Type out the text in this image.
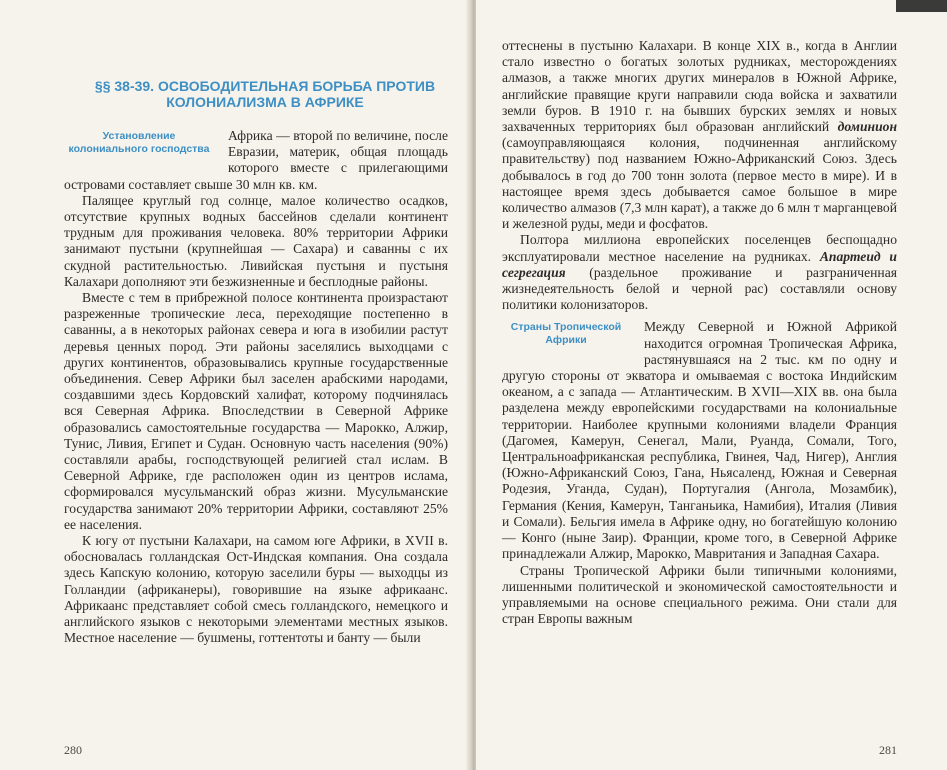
§§ 38-39. ОСВОБОДИТЕЛЬНАЯ БОРЬБА ПРОТИВ
КОЛОНИАЛИЗМА В АФРИКЕ
Установление колониального господства

Африка — второй по величине, после Евразии, материк, общая площадь которого вместе с прилегающими островами составляет свыше 30 млн кв. км.

Палящее круглый год солнце, малое количество осадков, отсутствие крупных водных бассейнов сделали континент трудным для проживания человека. 80% территории Африки занимают пустыни (крупнейшая — Сахара) и саванны с их скудной растительностью. Ливийская пустыня и пустыня Калахари дополняют эти безжизненные и бесплодные районы.

Вместе с тем в прибрежной полосе континента произрастают разреженные тропические леса, переходящие постепенно в саванны, а в некоторых районах севера и юга в изобилии растут деревья ценных пород. Эти районы заселялись выходцами с других континентов, образовывались крупные государственные объединения. Север Африки был заселен арабскими народами, создавшими здесь Кордовский халифат, которому подчинялась вся Северная Африка. Впоследствии в Северной Африке образовались самостоятельные государства — Марокко, Алжир, Тунис, Ливия, Египет и Судан. Основную часть населения (90%) составляли арабы, господствующей религией стал ислам. В Северной Африке, где расположен один из центров ислама, сформировался мусульманский образ жизни. Мусульманские государства занимают 20% территории Африки, составляют 25% ее населения.

К югу от пустыни Калахари, на самом юге Африки, в XVII в. обосновалась голландская Ост-Индская компания. Она создала здесь Капскую колонию, которую заселили буры — выходцы из Голландии (африканеры), говорившие на языке африкаанс. Африкаанс представляет собой смесь голландского, немецкого и английского языков с некоторыми элементами местных языков. Местное население — бушмены, готтентоты и банту — были

280

оттеснены в пустыню Калахари. В конце XIX в., когда в Англии стало известно о богатых золотых рудниках, месторождениях алмазов, а также многих других минералов в Южной Африке, английские правящие круги направили сюда войска и захватили земли буров. В 1910 г. на бывших бурских землях и новых захваченных территориях был образован английский доминион (самоуправляющаяся колония, подчиненная английскому правительству) под названием Южно-Африканский Союз. Здесь добывалось в год до 700 тонн золота (первое место в мире). И в настоящее время здесь добывается самое большое в мире количество алмазов (7,3 млн карат), а также до 6 млн т марганцевой и железной руды, меди и фосфатов.

Полтора миллиона европейских поселенцев беспощадно эксплуатировали местное население на рудниках. Апартеид и сегрегация (раздельное проживание и разграниченная жизнедеятельность белой и черной рас) составляли основу политики колонизаторов.

Страны Тропической Африки

Между Северной и Южной Африкой находится огромная Тропическая Африка, растянувшаяся на 2 тыс. км по одну и другую стороны от экватора и омываемая с востока Индийским океаном, а с запада — Атлантическим. В XVII—XIX вв. она была разделена между европейскими государствами на колониальные территории. Наиболее крупными колониями владели Франция (Дагомея, Камерун, Сенегал, Мали, Руанда, Сомали, Того, Центральноафриканская республика, Гвинея, Чад, Нигер), Англия (Южно-Африканский Союз, Гана, Ньясаленд, Южная и Северная Родезия, Уганда, Судан), Португалия (Ангола, Мозамбик), Германия (Кения, Камерун, Танганьика, Намибия), Италия (Ливия и Сомали). Бельгия имела в Африке одну, но богатейшую колонию — Конго (ныне Заир). Франции, кроме того, в Северной Африке принадлежали Алжир, Марокко, Мавритания и Западная Сахара.

Страны Тропической Африки были типичными колониями, лишенными политической и экономической самостоятельности и управляемыми на основе специального режима. Они стали для стран Европы важным

281
